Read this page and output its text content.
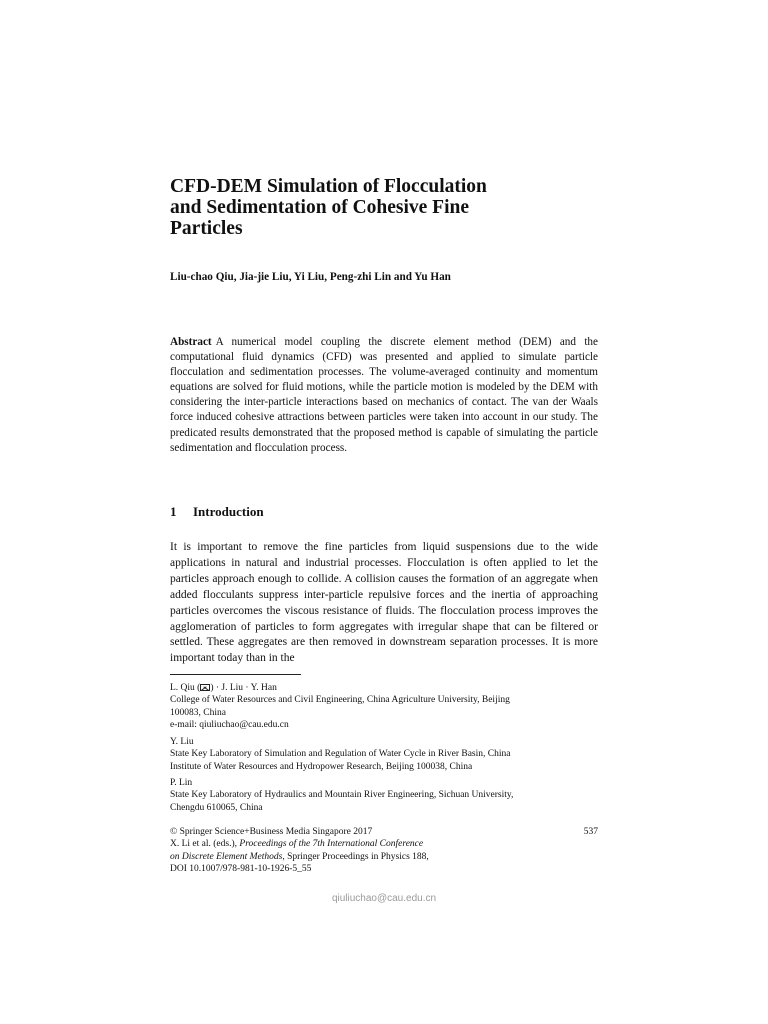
CFD-DEM Simulation of Flocculation
and Sedimentation of Cohesive Fine
Particles

Liu-chao Qiu, Jia-jie Liu, Yi Liu, Peng-zhi Lin and Yu Han

Abstract A numerical model coupling the discrete element method (DEM) and the computational fluid dynamics (CFD) was presented and applied to simulate particle flocculation and sedimentation processes. The volume-averaged continuity and momentum equations are solved for fluid motions, while the particle motion is modeled by the DEM with considering the inter-particle interactions based on mechanics of contact. The van der Waals force induced cohesive attractions between particles were taken into account in our study. The predicated results demonstrated that the proposed method is capable of simulating the particle sedimentation and flocculation process.

1 Introduction

It is important to remove the fine particles from liquid suspensions due to the wide applications in natural and industrial processes. Flocculation is often applied to let the particles approach enough to collide. A collision causes the formation of an aggregate when added flocculants suppress inter-particle repulsive forces and the inertia of approaching particles overcomes the viscous resistance of fluids. The flocculation process improves the agglomeration of particles to form aggregates with irregular shape that can be filtered or settled. These aggregates are then removed in downstream separation processes. It is more important today than in the

L. Qiu ( ) · J. Liu · Y. Han
College of Water Resources and Civil Engineering, China Agriculture University, Beijing
100083, China
e-mail: qiuliuchao@cau.edu.cn

Y. Liu
State Key Laboratory of Simulation and Regulation of Water Cycle in River Basin, China
Institute of Water Resources and Hydropower Research, Beijing 100038, China

P. Lin
State Key Laboratory of Hydraulics and Mountain River Engineering, Sichuan University,
Chengdu 610065, China

© Springer Science+Business Media Singapore 2017	537
X. Li et al. (eds.), Proceedings of the 7th International Conference
on Discrete Element Methods, Springer Proceedings in Physics 188,
DOI 10.1007/978-981-10-1926-5_55
qiuliuchao@cau.edu.cn
